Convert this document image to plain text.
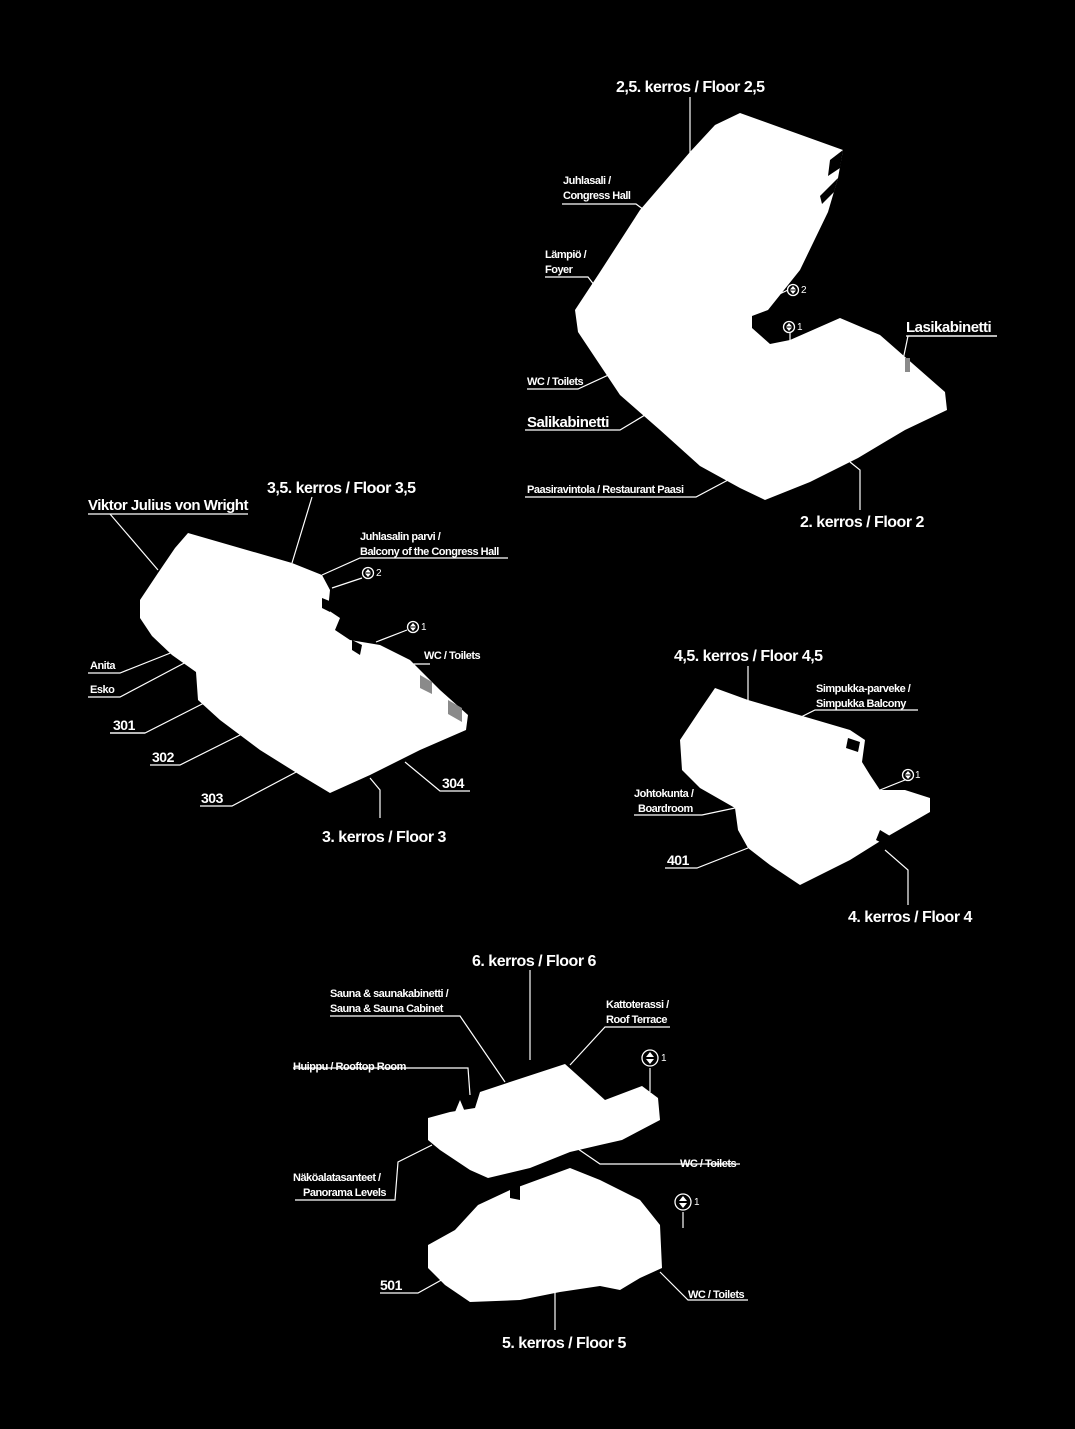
2,5. kerros / Floor 2,5
Juhlasali /
Congress Hall
Lämpiö /
Foyer
2
1	Lasikabinetti
WC / Toilets
Salikabinetti
Paasiravintola / Restaurant Paasi
2. kerros / Floor 2
3,5. kerros / Floor 3,5
Viktor Julius von Wright
Juhlasalin parvi /
Balcony of the Congress Hall
2
1
WC / Toilets
Anita
Esko
301
302
303
304
3. kerros / Floor 3
4,5. kerros / Floor 4,5
Simpukka-parveke /
Simpukka Balcony
1
Johtokunta /
Boardroom
401
4. kerros / Floor 4
6. kerros / Floor 6
Sauna & saunakabinetti /
Sauna & Sauna Cabinet	Kattoterassi /
Roof Terrace
1
Huippu / Rooftop Room
Näköalatasanteet /
Panorama Levels
WC / Toilets
1
501
WC / Toilets
5. kerros / Floor 5
